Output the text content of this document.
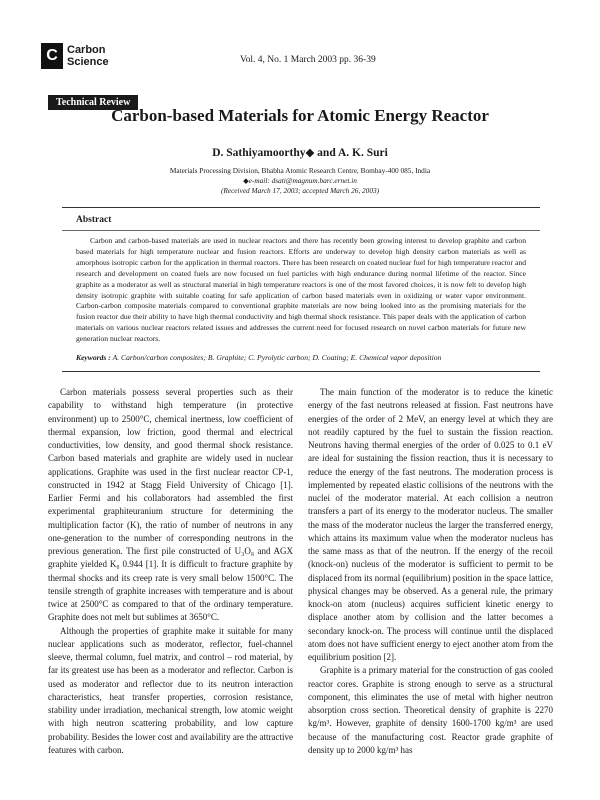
C Carbon
Science	Vol. 4, No. 1 March 2003 pp. 36-39
Technical Review
Carbon-based Materials for Atomic Energy Reactor
D. Sathiyamoorthy◆ and A. K. Suri
Materials Processing Division, Bhabha Atomic Research Centre, Bombay-400 085, India
◆e-mail: dsati@magnum.barc.ernet.in
(Received March 17, 2003; accepted March 26, 2003)
Abstract
Carbon and carbon-based materials are used in nuclear reactors and there has recently been growing interest to develop graphite and carbon based materials for high temperature nuclear and fusion reactors. Efforts are underway to develop high density carbon materials as well as amorphous isotropic carbon for the application in thermal reactors. There has been research on coated nuclear fuel for high temperature reactor and research and development on coated fuels are now focused on fuel particles with high endurance during normal lifetime of the reactor. Since graphite as a moderator as well as structural material in high temperature reactors is one of the most favored choices, it is now felt to develop high density isotropic graphite with suitable coating for safe application of carbon based materials even in oxidizing or water vapor environment. Carbon-carbon composite materials compared to conventional graphite materials are now being looked into as the promising materials for the fusion reactor due their ability to have high thermal conductivity and high thermal shock resistance. This paper deals with the application of carbon materials on various nuclear reactors related issues and addresses the current need for focused research on novel carbon materials for future new generation nuclear reactors.
Keywords : A. Carbon/carbon composites; B. Graphite; C. Pyrolytic carbon; D. Coating; E. Chemical vapor deposition

Carbon materials possess several properties such as their capability to withstand high temperature (in protective environment) up to 2500°C, chemical inertness, low coefficient of thermal expansion, low friction, good thermal and electrical conductivities, low density, and good thermal shock resistance. Carbon based materials and graphite are widely used in nuclear applications. Graphite was used in the first nuclear reactor CP-1, constructed in 1942 at Stagg Field University of Chicago [1]. Earlier Fermi and his collaborators had assembled the first experimental graphiteuranium structure for determining the multiplication factor (K), the ratio of number of neutrons in any one-generation to the number of corresponding neutrons in the previous generation. The first pile constructed of U₃O₈ and AGX graphite yielded K₀ 0.944 [1]. It is difficult to fracture graphite by thermal shocks and its creep rate is very small below 1500°C. The tensile strength of graphite increases with temperature and is about twice at 2500°C as compared to that of the ordinary temperature. Graphite does not melt but sublimes at 3650°C.

Although the properties of graphite make it suitable for many nuclear applications such as moderator, reflector, fuel-channel sleeve, thermal column, fuel matrix, and control – rod material, by far its greatest use has been as a moderator and reflector. Carbon is used as moderator and reflector due to its neutron interaction characteristics, heat transfer properties, corrosion resistance, stability under irradiation, mechanical strength, low atomic weight with high neutron scattering probability, and low capture probability. Besides the lower cost and availability are the attractive features with carbon.

The main function of the moderator is to reduce the kinetic energy of the fast neutrons released at fission. Fast neutrons have energies of the order of 2 MeV, an energy level at which they are not readily captured by the fuel to sustain the fission reaction. Neutrons having thermal energies of the order of 0.025 to 0.1 eV are ideal for sustaining the fission reaction, thus it is necessary to reduce the energy of the fast neutrons. The moderation process is implemented by repeated elastic collisions of the neutrons with the nuclei of the moderator material. At each collision a neutron transfers a part of its energy to the moderator nucleus. The smaller the mass of the moderator nucleus the larger the transferred energy, which attains its maximum value when the moderator nucleus has the same mass as that of the neutron. If the energy of the recoil (knock-on) nucleus of the moderator is sufficient to permit to be displaced from its normal (equilibrium) position in the space lattice, physical changes may be observed. As a general rule, the primary knock-on atom (nucleus) acquires sufficient kinetic energy to displace another atom by collision and the latter becomes a secondary knock-on. The process will continue until the displaced atom does not have sufficient energy to eject another atom from the equilibrium position [2].

Graphite is a primary material for the construction of gas cooled reactor cores. Graphite is strong enough to serve as a structural component, this eliminates the use of metal with higher neutron absorption cross section. Theoretical density of graphite is 2270 kg/m³. However, graphite of density 1600-1700 kg/m³ are used because of the manufacturing cost. Reactor grade graphite of density up to 2000 kg/m³ has
